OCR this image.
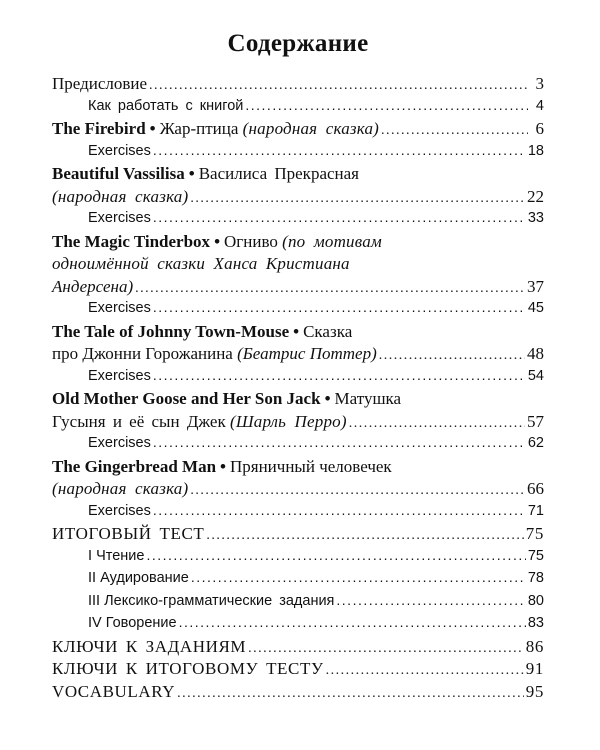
Содержание
Предисловие .....	3
Как работать с книгой .....	4
The Firebird • Жар-птица
(народная сказка) .....	6
Exercises .....	18
Beautiful Vassilisa • Василиса Прекрасная
(народная сказка) .....	22
Exercises .....	33
The Magic Tinderbox • Огниво
(по мотивам
одноимённой сказки Ханса Кристиана
Андерсена) .....	37
Exercises .....	45
The Tale of Johnny Town-Mouse • Сказка
про Джонни Горожанина
(Беатрис Поттер) .....	48
Exercises .....	54
Old Mother Goose and Her Son Jack • Матушка
Гусыня и её сын Джек
(Шарль Перро) .....	57
Exercises .....	62
The Gingerbread Man • Пряничный человечек
(народная сказка) .....	66
Exercises .....	71
ИТОГОВЫЙ ТЕСТ .....	75
I
Чтение .....	75
II
Аудирование .....	78
III
Лексико-грамматические задания .....	80
IV
Говорение .....	83
КЛЮЧИ К ЗАДАНИЯМ .....	86
КЛЮЧИ К ИТОГОВОМУ ТЕСТУ .....	91
VOCABULARY .....	95
